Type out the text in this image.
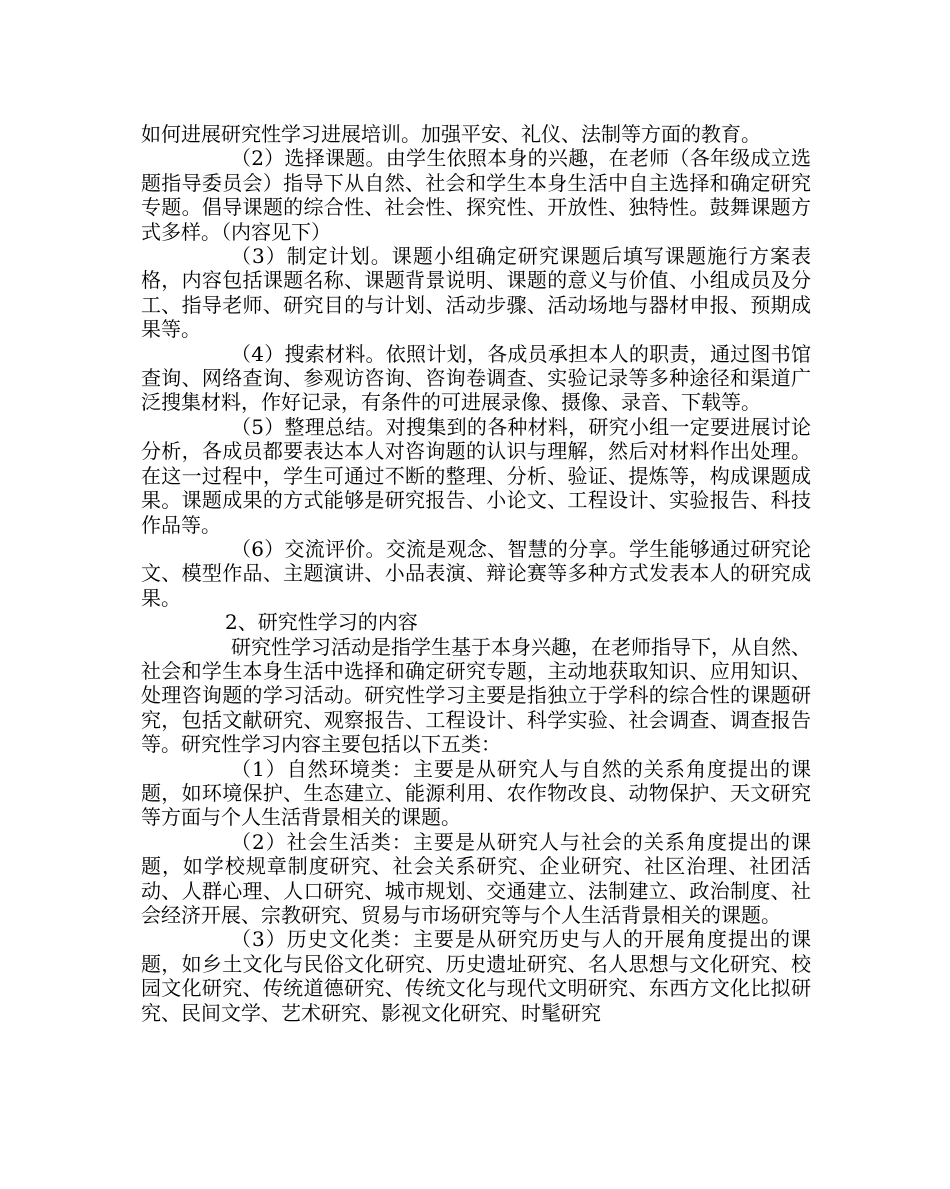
如何进展研究性学习进展培训。加强平安、礼仪、法制等方面的教育。

（2）选择课题。由学生依照本身的兴趣，在老师（各年级成立选题指导委员会）指导下从自然、社会和学生本身生活中自主选择和确定研究专题。倡导课题的综合性、社会性、探究性、开放性、独特性。鼓舞课题方式多样。（内容见下）

（3）制定计划。课题小组确定研究课题后填写课题施行方案表格，内容包括课题名称、课题背景说明、课题的意义与价值、小组成员及分工、指导老师、研究目的与计划、活动步骤、活动场地与器材申报、预期成果等。

（4）搜索材料。依照计划，各成员承担本人的职责，通过图书馆查询、网络查询、参观访咨询、咨询卷调查、实验记录等多种途径和渠道广泛搜集材料，作好记录，有条件的可进展录像、摄像、录音、下载等。

（5）整理总结。对搜集到的各种材料，研究小组一定要进展讨论分析，各成员都要表达本人对咨询题的认识与理解，然后对材料作出处理。在这一过程中，学生可通过不断的整理、分析、验证、提炼等，构成课题成果。课题成果的方式能够是研究报告、小论文、工程设计、实验报告、科技作品等。

（6）交流评价。交流是观念、智慧的分享。学生能够通过研究论文、模型作品、主题演讲、小品表演、辩论赛等多种方式发表本人的研究成果。

2、研究性学习的内容

研究性学习活动是指学生基于本身兴趣，在老师指导下，从自然、社会和学生本身生活中选择和确定研究专题，主动地获取知识、应用知识、处理咨询题的学习活动。研究性学习主要是指独立于学科的综合性的课题研究，包括文献研究、观察报告、工程设计、科学实验、社会调查、调查报告等。研究性学习内容主要包括以下五类：

（1）自然环境类：主要是从研究人与自然的关系角度提出的课题，如环境保护、生态建立、能源利用、农作物改良、动物保护、天文研究等方面与个人生活背景相关的课题。

（2）社会生活类：主要是从研究人与社会的关系角度提出的课题，如学校规章制度研究、社会关系研究、企业研究、社区治理、社团活动、人群心理、人口研究、城市规划、交通建立、法制建立、政治制度、社会经济开展、宗教研究、贸易与市场研究等与个人生活背景相关的课题。

（3）历史文化类：主要是从研究历史与人的开展角度提出的课题，如乡土文化与民俗文化研究、历史遗址研究、名人思想与文化研究、校园文化研究、传统道德研究、传统文化与现代文明研究、东西方文化比拟研究、民间文学、艺术研究、影视文化研究、时髦研究
